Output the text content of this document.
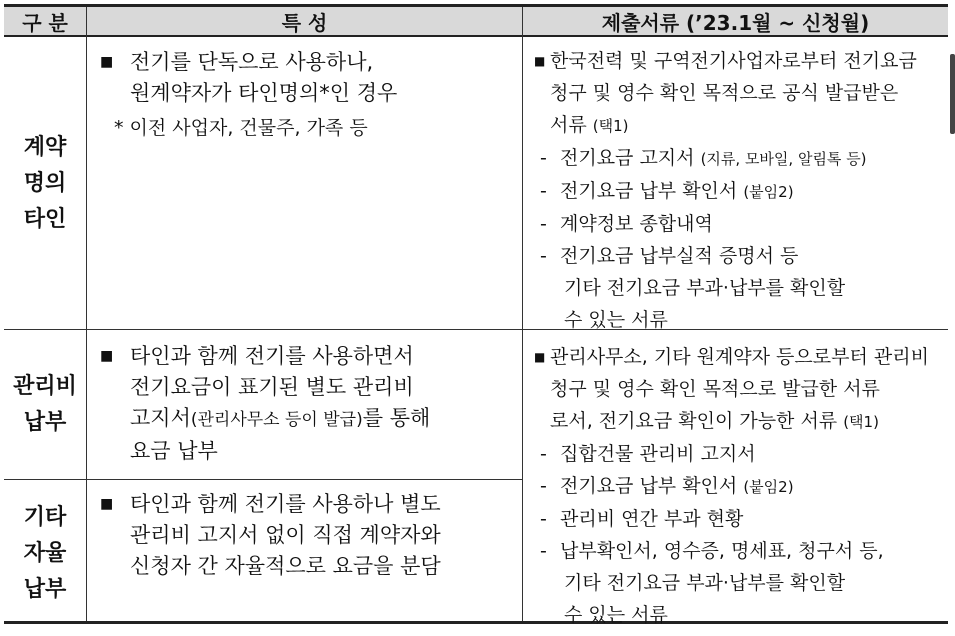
구 분	특 성	제출서류 (’23.1월 ~ 신청월)
계약
명의
타인
■ 전기를 단독으로 사용하나,
원계약자가 타인명의*인 경우
* 이전 사업자, 건물주, 가족 등
■ 한국전력 및 구역전기사업자로부터 전기요금
청구 및 영수 확인 목적으로 공식 발급받은
서류 (택1)
- 전기요금 고지서 (지류, 모바일, 알림톡 등)
- 전기요금 납부 확인서 (붙임2)
- 계약정보 종합내역
- 전기요금 납부실적 증명서 등
기타 전기요금 부과·납부를 확인할
수 있는 서류
관리비
납부
■ 타인과 함께 전기를 사용하면서
전기요금이 표기된 별도 관리비
고지서(관리사무소 등이 발급)를 통해
요금 납부
기타
자율
납부
■ 타인과 함께 전기를 사용하나 별도
관리비 고지서 없이 직접 계약자와
신청자 간 자율적으로 요금을 분담
■ 관리사무소, 기타 원계약자 등으로부터 관리비
청구 및 영수 확인 목적으로 발급한 서류
로서, 전기요금 확인이 가능한 서류 (택1)
- 집합건물 관리비 고지서
- 전기요금 납부 확인서 (붙임2)
- 관리비 연간 부과 현황
- 납부확인서, 영수증, 명세표, 청구서 등,
기타 전기요금 부과·납부를 확인할
수 있는 서류
